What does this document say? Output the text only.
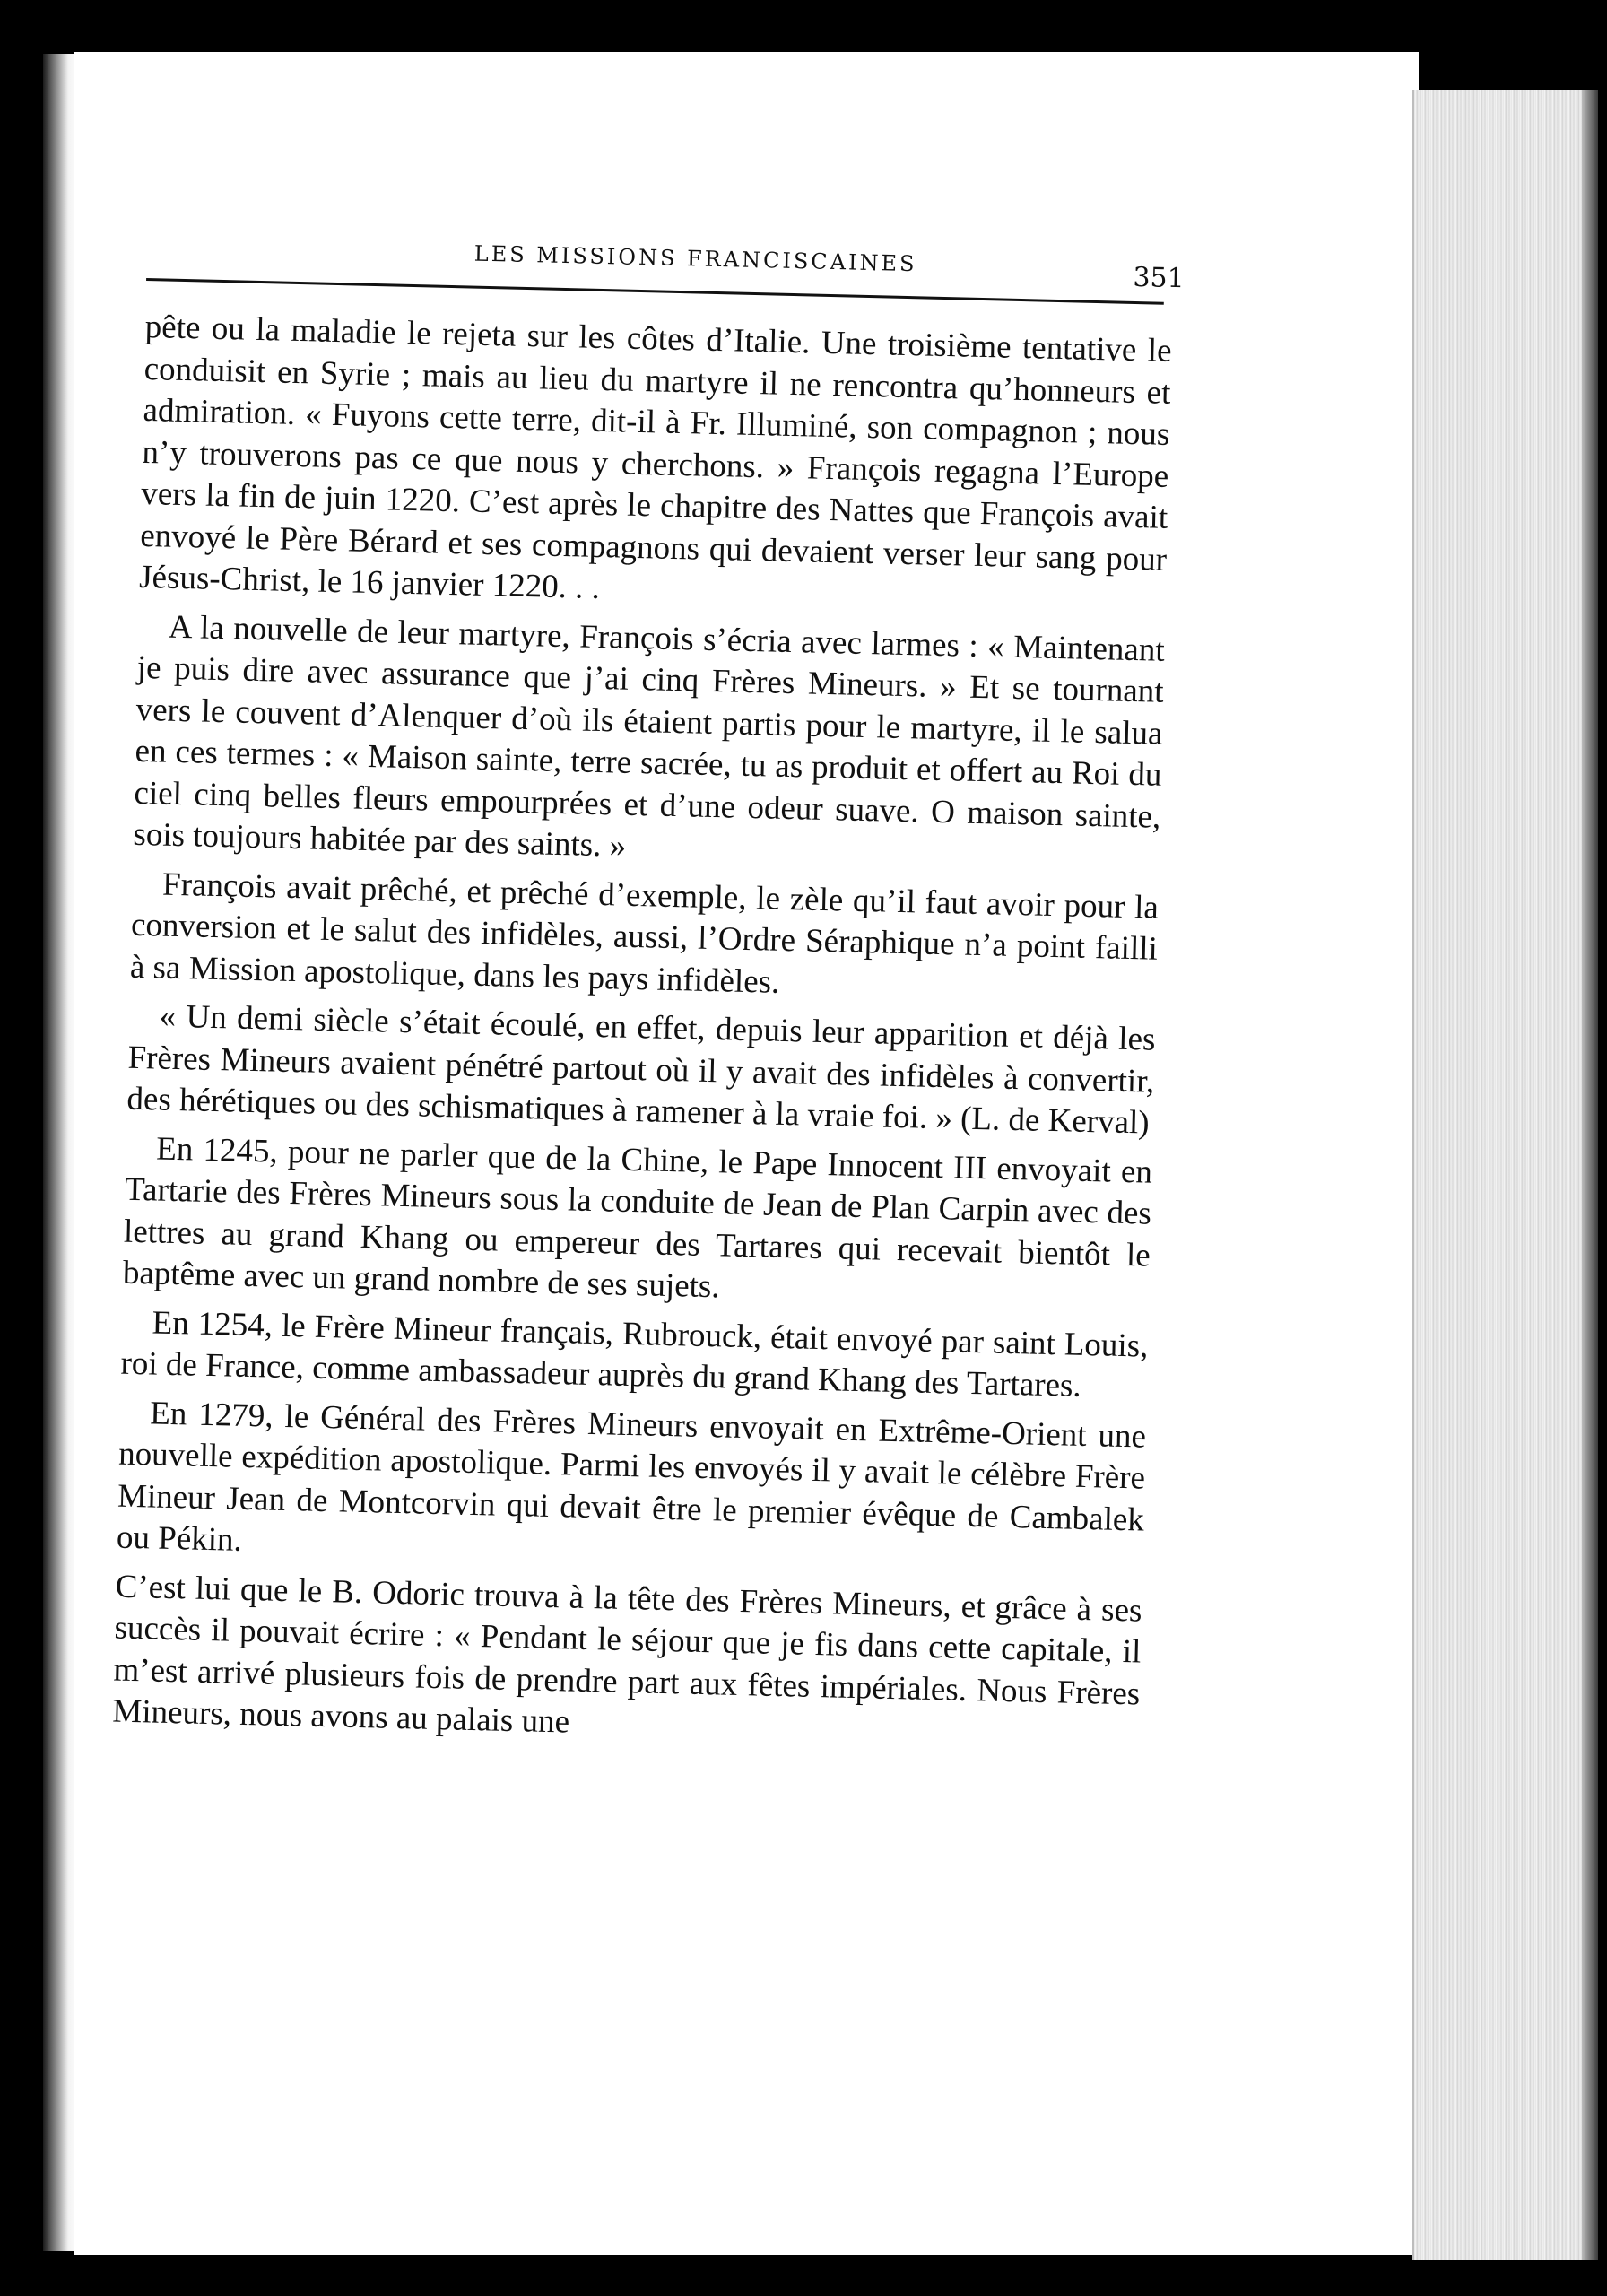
LES MISSIONS FRANCISCAINES
351

pête ou la maladie le rejeta sur les côtes d’Italie. Une troisième tentative le conduisit en Syrie ; mais au lieu du martyre il ne rencontra qu’honneurs et admiration. « Fuyons cette terre, dit-il à Fr. Illuminé, son compagnon ; nous n’y trouverons pas ce que nous y cherchons. » François regagna l’Europe vers la fin de juin 1220. C’est après le chapitre des Nattes que François avait envoyé le Père Bérard et ses compagnons qui devaient verser leur sang pour Jésus-Christ, le 16 janvier 1220. . .

A la nouvelle de leur martyre, François s’écria avec larmes : « Maintenant je puis dire avec assurance que j’ai cinq Frères Mineurs. » Et se tournant vers le couvent d’Alenquer d’où ils étaient partis pour le martyre, il le salua en ces termes : « Maison sainte, terre sacrée, tu as produit et offert au Roi du ciel cinq belles fleurs empourprées et d’une odeur suave. O maison sainte, sois toujours habitée par des saints. »

François avait prêché, et prêché d’exemple, le zèle qu’il faut avoir pour la conversion et le salut des infidèles, aussi, l’Ordre Séraphique n’a point failli à sa Mission apostolique, dans les pays infidèles.

« Un demi siècle s’était écoulé, en effet, depuis leur apparition et déjà les Frères Mineurs avaient pénétré partout où il y avait des infidèles à convertir, des hérétiques ou des schismatiques à ramener à la vraie foi. » (L. de Kerval)

En 1245, pour ne parler que de la Chine, le Pape Innocent III envoyait en Tartarie des Frères Mineurs sous la conduite de Jean de Plan Carpin avec des lettres au grand Khang ou empereur des Tartares qui recevait bientôt le baptême avec un grand nombre de ses sujets.

En 1254, le Frère Mineur français, Rubrouck, était envoyé par saint Louis, roi de France, comme ambassadeur auprès du grand Khang des Tartares.

En 1279, le Général des Frères Mineurs envoyait en Extrême-Orient une nouvelle expédition apostolique. Parmi les envoyés il y avait le célèbre Frère Mineur Jean de Montcorvin qui devait être le premier évêque de Cambalek ou Pékin.

C’est lui que le B. Odoric trouva à la tête des Frères Mineurs, et grâce à ses succès il pouvait écrire : « Pendant le séjour que je fis dans cette capitale, il m’est arrivé plusieurs fois de prendre part aux fêtes impériales. Nous Frères Mineurs, nous avons au palais une
